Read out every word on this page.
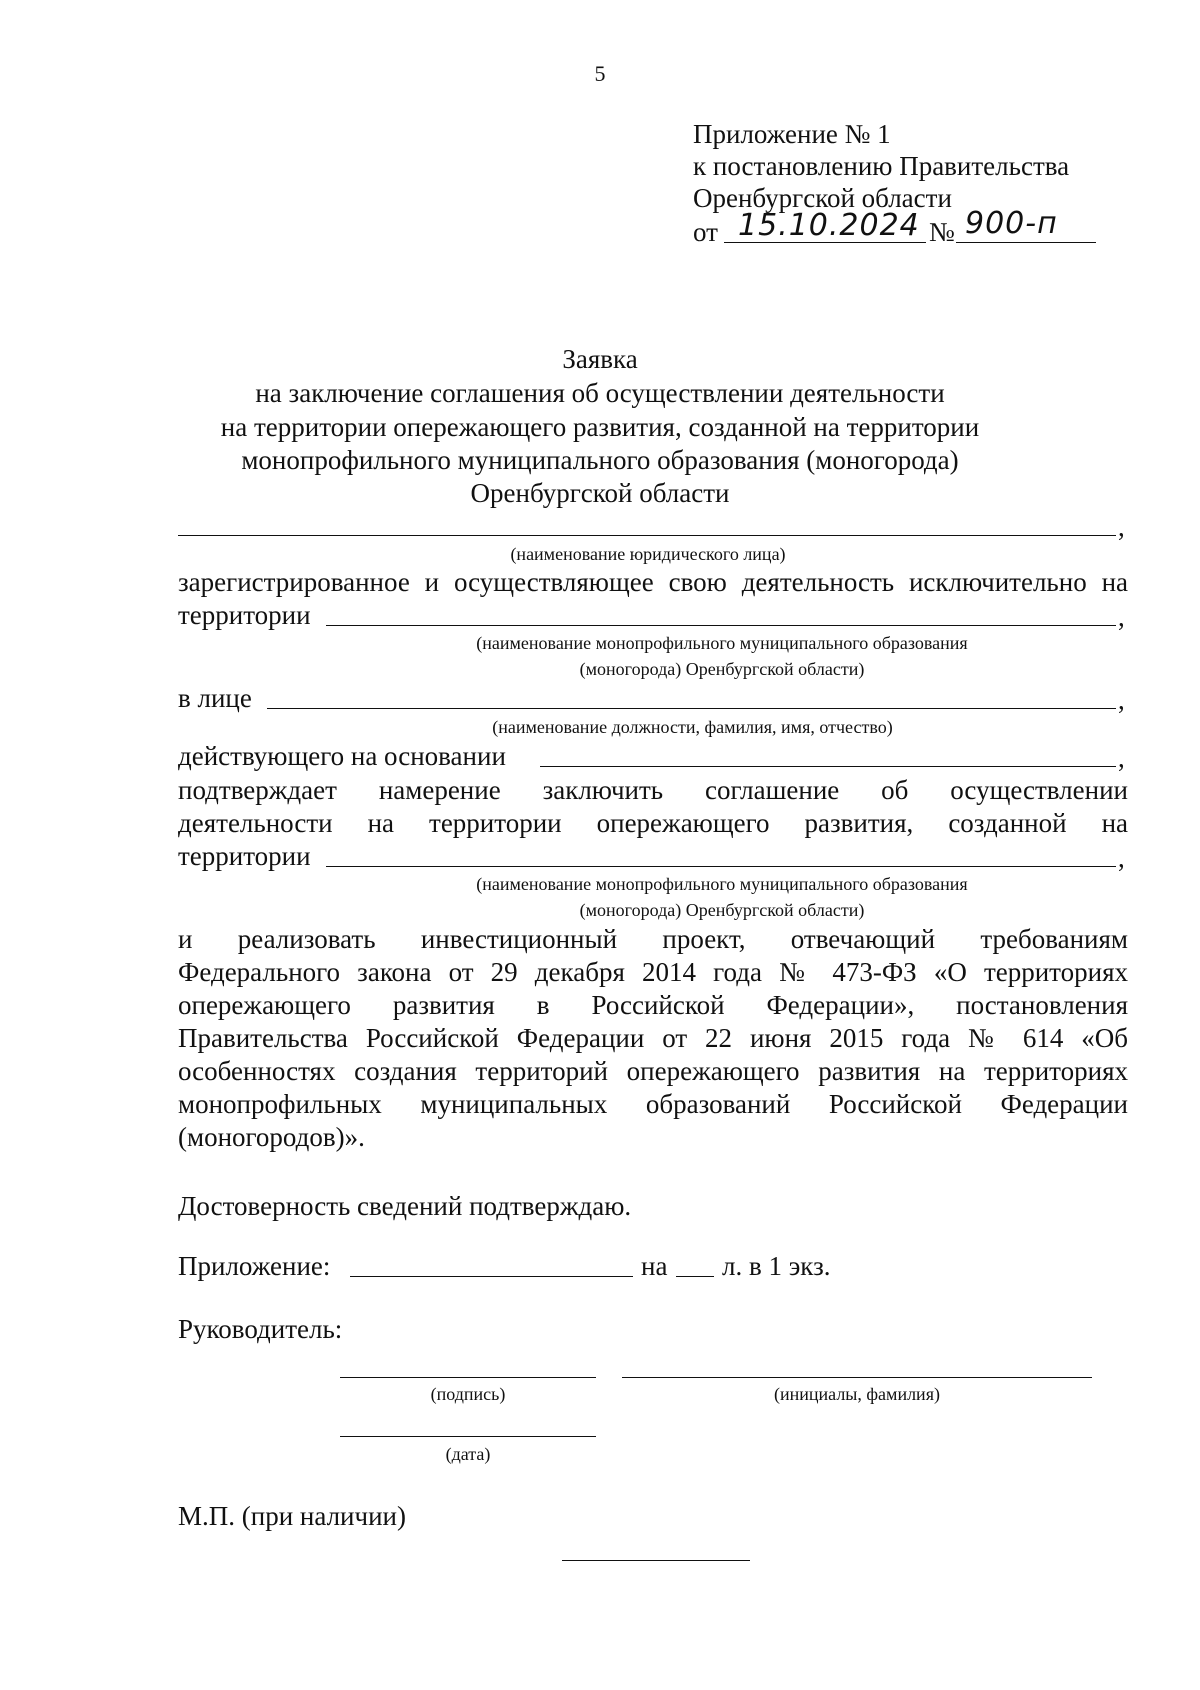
5
Приложение № 1
к постановлению Правительства
Оренбургской области
от 15.10.2024 № 900-п
Заявка
на заключение соглашения об осуществлении деятельности
на территории опережающего развития, созданной на территории
монопрофильного муниципального образования (моногорода)
Оренбургской области
,
(наименование юридического лица)
зарегистрированное и осуществляющее свою деятельность исключительно на
территории	,
(наименование монопрофильного муниципального образования
(моногорода) Оренбургской области)
в лице	,
(наименование должности, фамилия, имя, отчество)
действующего на основании	,
подтверждает намерение заключить соглашение об осуществлении
деятельности на территории опережающего развития, созданной на
территории	,
(наименование монопрофильного муниципального образования
(моногорода) Оренбургской области)
и реализовать инвестиционный проект, отвечающий требованиям
Федерального закона от 29 декабря 2014 года № 473-ФЗ «О территориях
опережающего развития в Российской Федерации», постановления
Правительства Российской Федерации от 22 июня 2015 года № 614 «Об
особенностях создания территорий опережающего развития на территориях
монопрофильных муниципальных образований Российской Федерации
(моногородов)».
Достоверность сведений подтверждаю.
Приложение:	на л. в 1 экз.
Руководитель:
(подпись)	(инициалы, фамилия)
(дата)
М.П. (при наличии)
